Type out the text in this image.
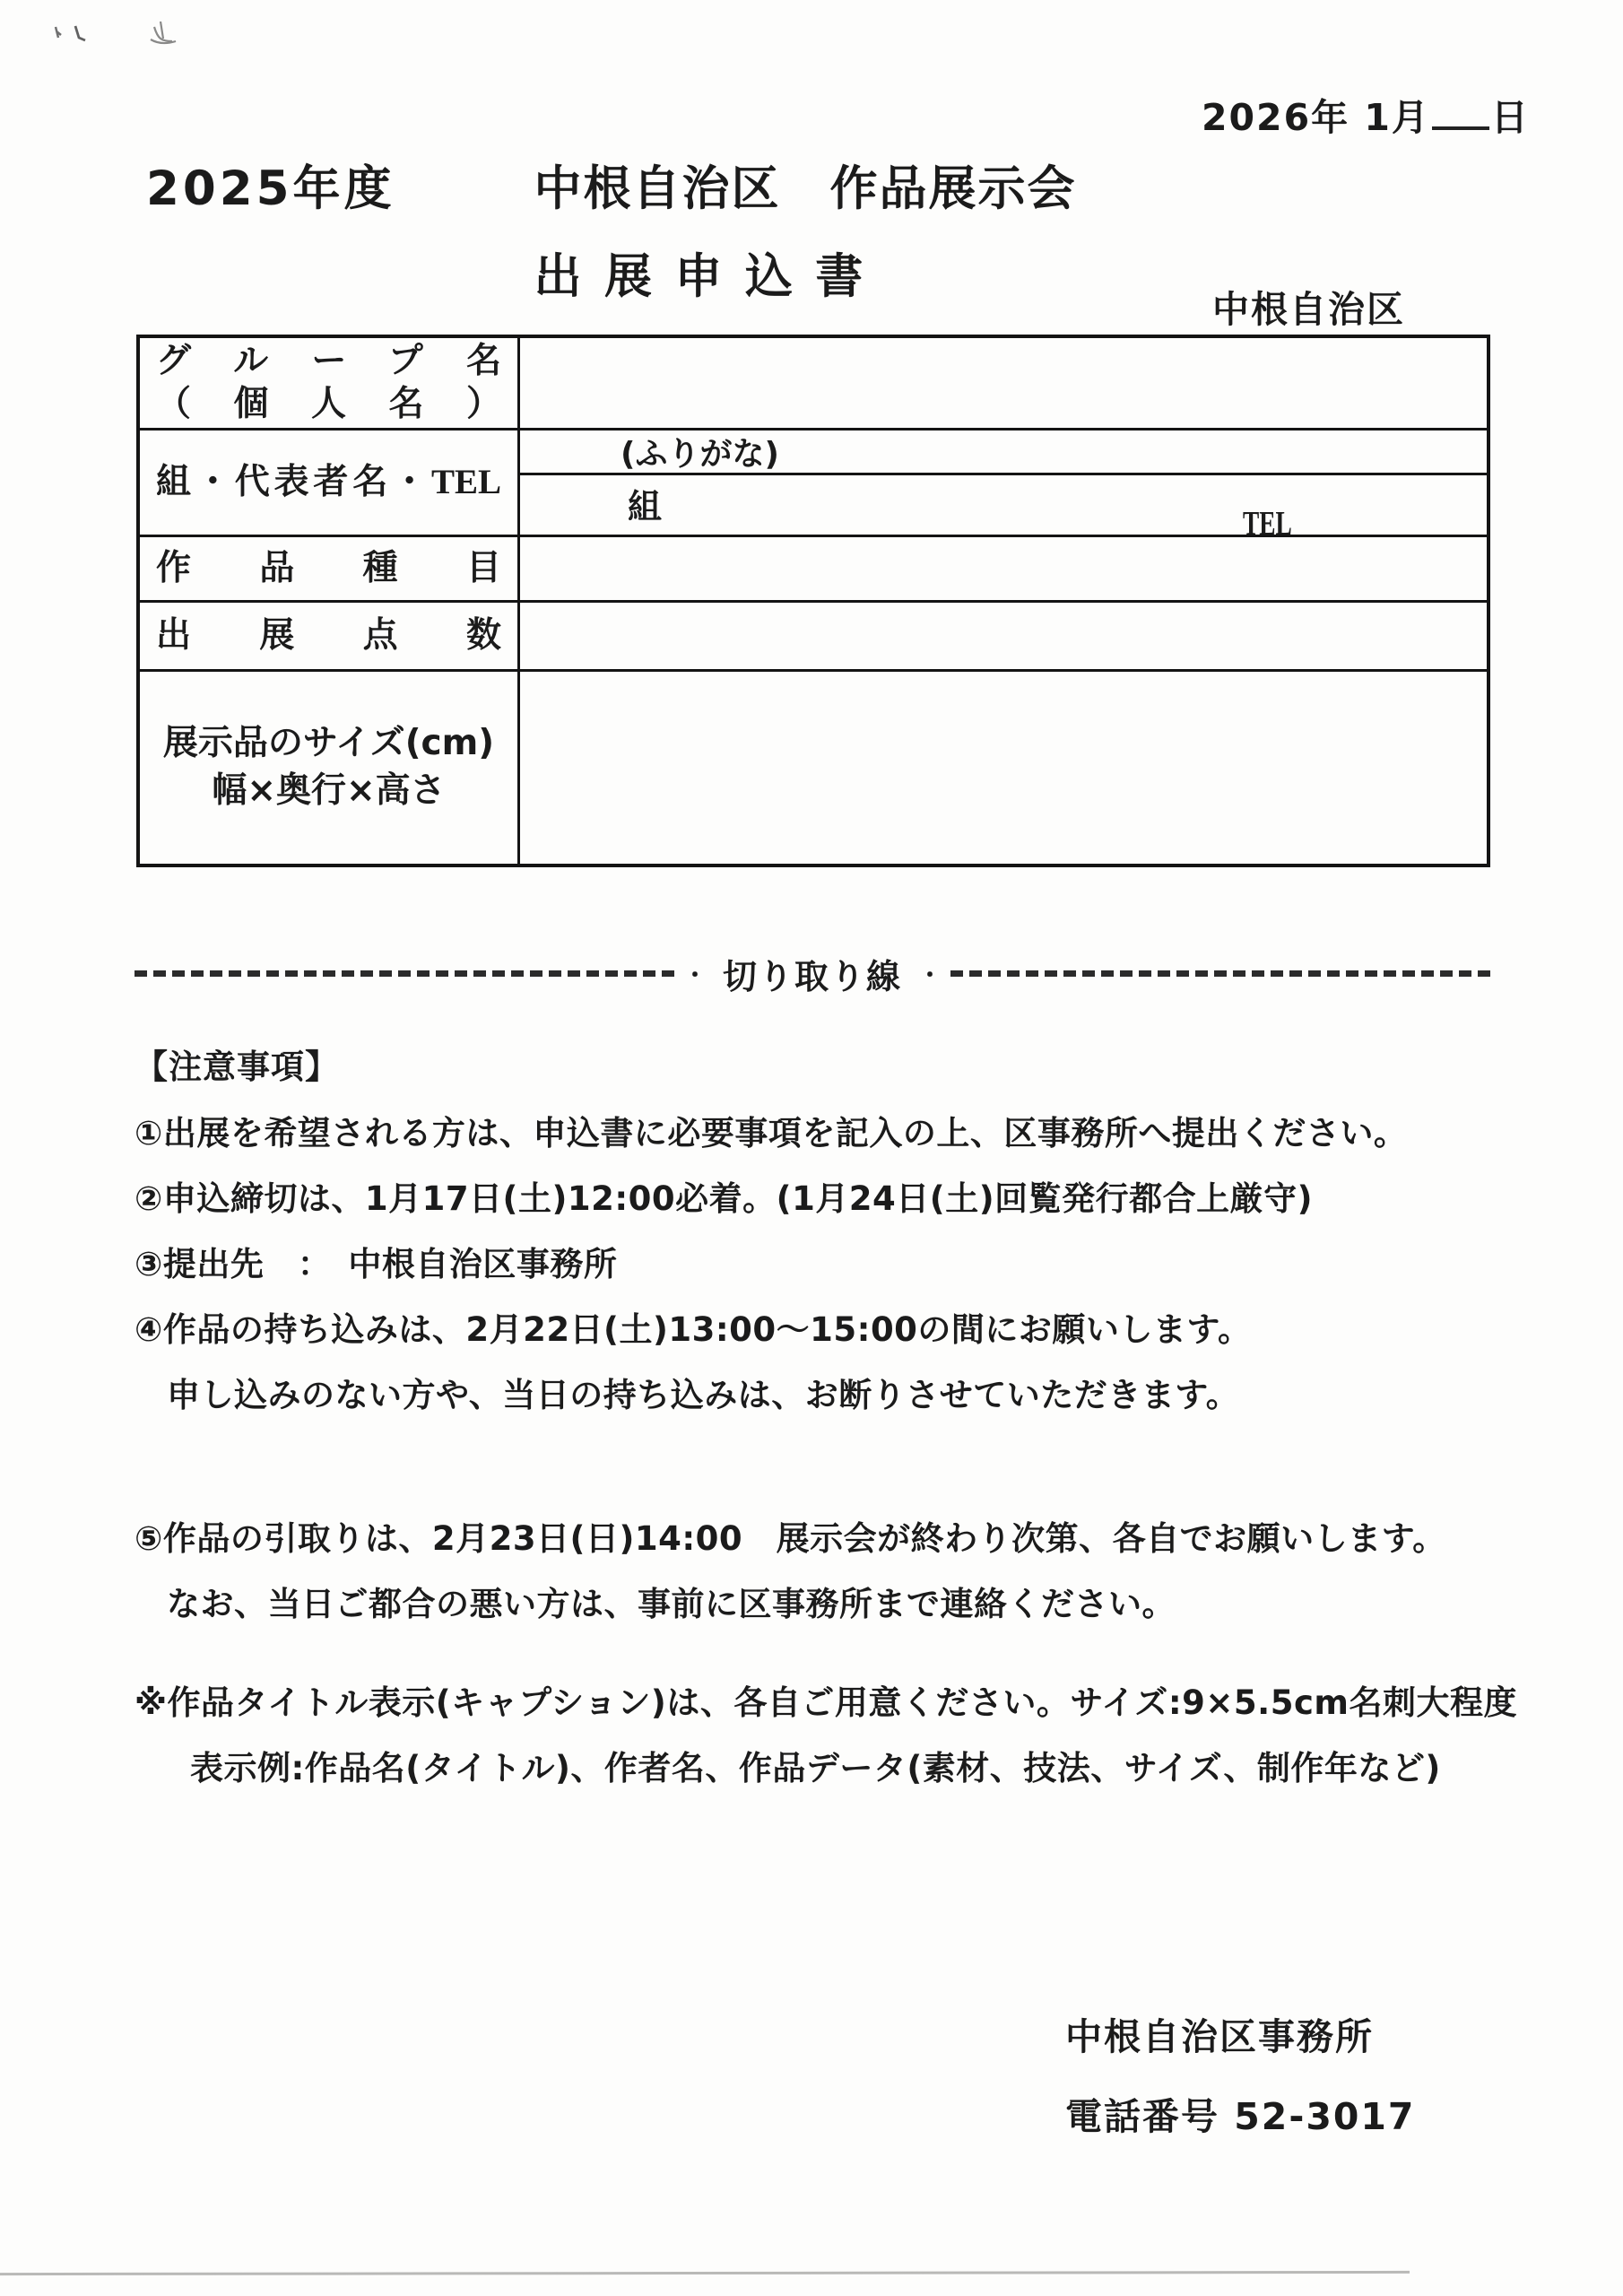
2026年 1月 日
2025年度	中根自治区　作品展示会
出展申込書
中根自治区
グループ名
（個人名）
組・代表者名・TEL
(ふりがな)
組	TEL
作品種目
出展点数
展示品のサイズ(cm)
幅×奥行×高さ
・ 切り取り線 ・
【注意事項】
①出展を希望される方は、申込書に必要事項を記入の上、区事務所へ提出ください。
②申込締切は、1月17日(土)12:00必着。(1月24日(土)回覧発行都合上厳守)
③提出先　：　中根自治区事務所
④作品の持ち込みは、2月22日(土)13:00～15:00の間にお願いします。
申し込みのない方や、当日の持ち込みは、お断りさせていただきます。
⑤作品の引取りは、2月23日(日)14:00　展示会が終わり次第、各自でお願いします。
なお、当日ご都合の悪い方は、事前に区事務所まで連絡ください。
※作品タイトル表示(キャプション)は、各自ご用意ください。サイズ:9×5.5cm名刺大程度
表示例:作品名(タイトル)、作者名、作品データ(素材、技法、サイズ、制作年など)
中根自治区事務所
電話番号 52-3017
